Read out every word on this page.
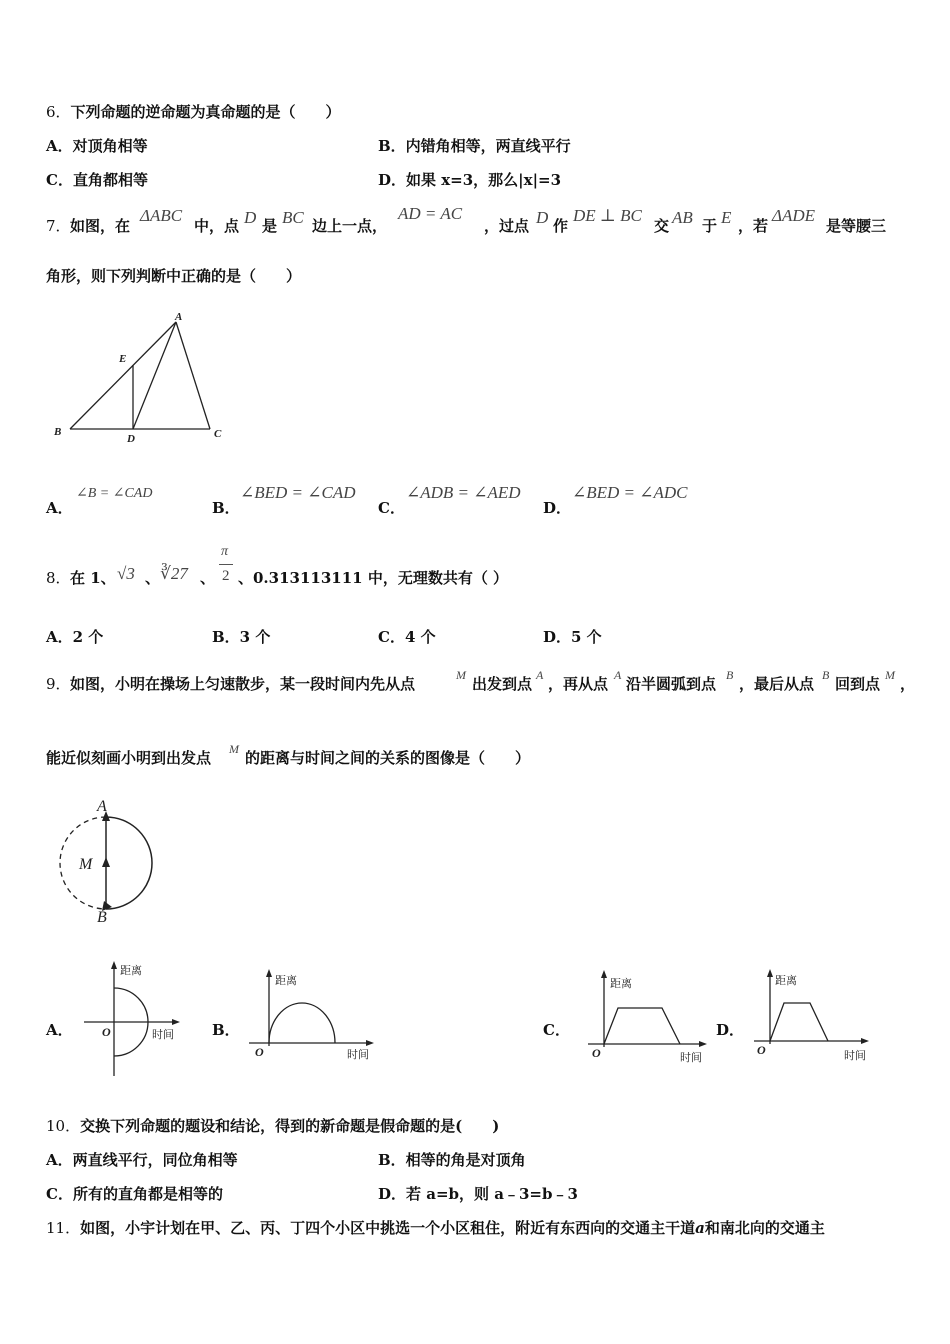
6．下列命题的逆命题为真命题的是（　　）
A．对顶角相等	B．内错角相等，两直线平行
C．直角都相等	D．如果 x=3，那么|x|=3
7． 如图，在
ΔABC
中，点 D 是 BC 边上一点，
AD = AC
，过点 D 作
DE ⊥ BC
交 AB 于 E ，若
ΔADE
是等腰三
角形，则下列判断中正确的是（　　）
A
E
B
D	C
A．
∠B = ∠CAD
B．
∠BED = ∠CAD
C．
∠ADB = ∠AED
D．
∠BED = ∠ADC
8． 在 1、 √3 、 ∛27 、
π
2 、0.313113111 中，无理数共有（ ）
A．2 个	B．3 个	C．4 个	D．5 个
9． 如图，小明在操场上匀速散步，某一段时间内先从点	M 出发到点 A ，再从点 A 沿半圆弧到点 B ，最后从点 B 回到点 M ，
能近似刻画小明到出发点 M 的距离与时间之间的关系的图像是（　　）
A
M
B
A．
距离
时间
O	B．
距离
时间
O
C．
距离
时间
O
D．
距离
时间
O
10．交换下列命题的题设和结论，得到的新命题是假命题的是(　　)
A．两直线平行，同位角相等	B．相等的角是对顶角
C．所有的直角都是相等的	D．若 a=b，则 a﹣3=b﹣3
11．如图，小宇计划在甲、乙、丙、丁四个小区中挑选一个小区租住，附近有东西向的交通主干道a和南北向的交通主
